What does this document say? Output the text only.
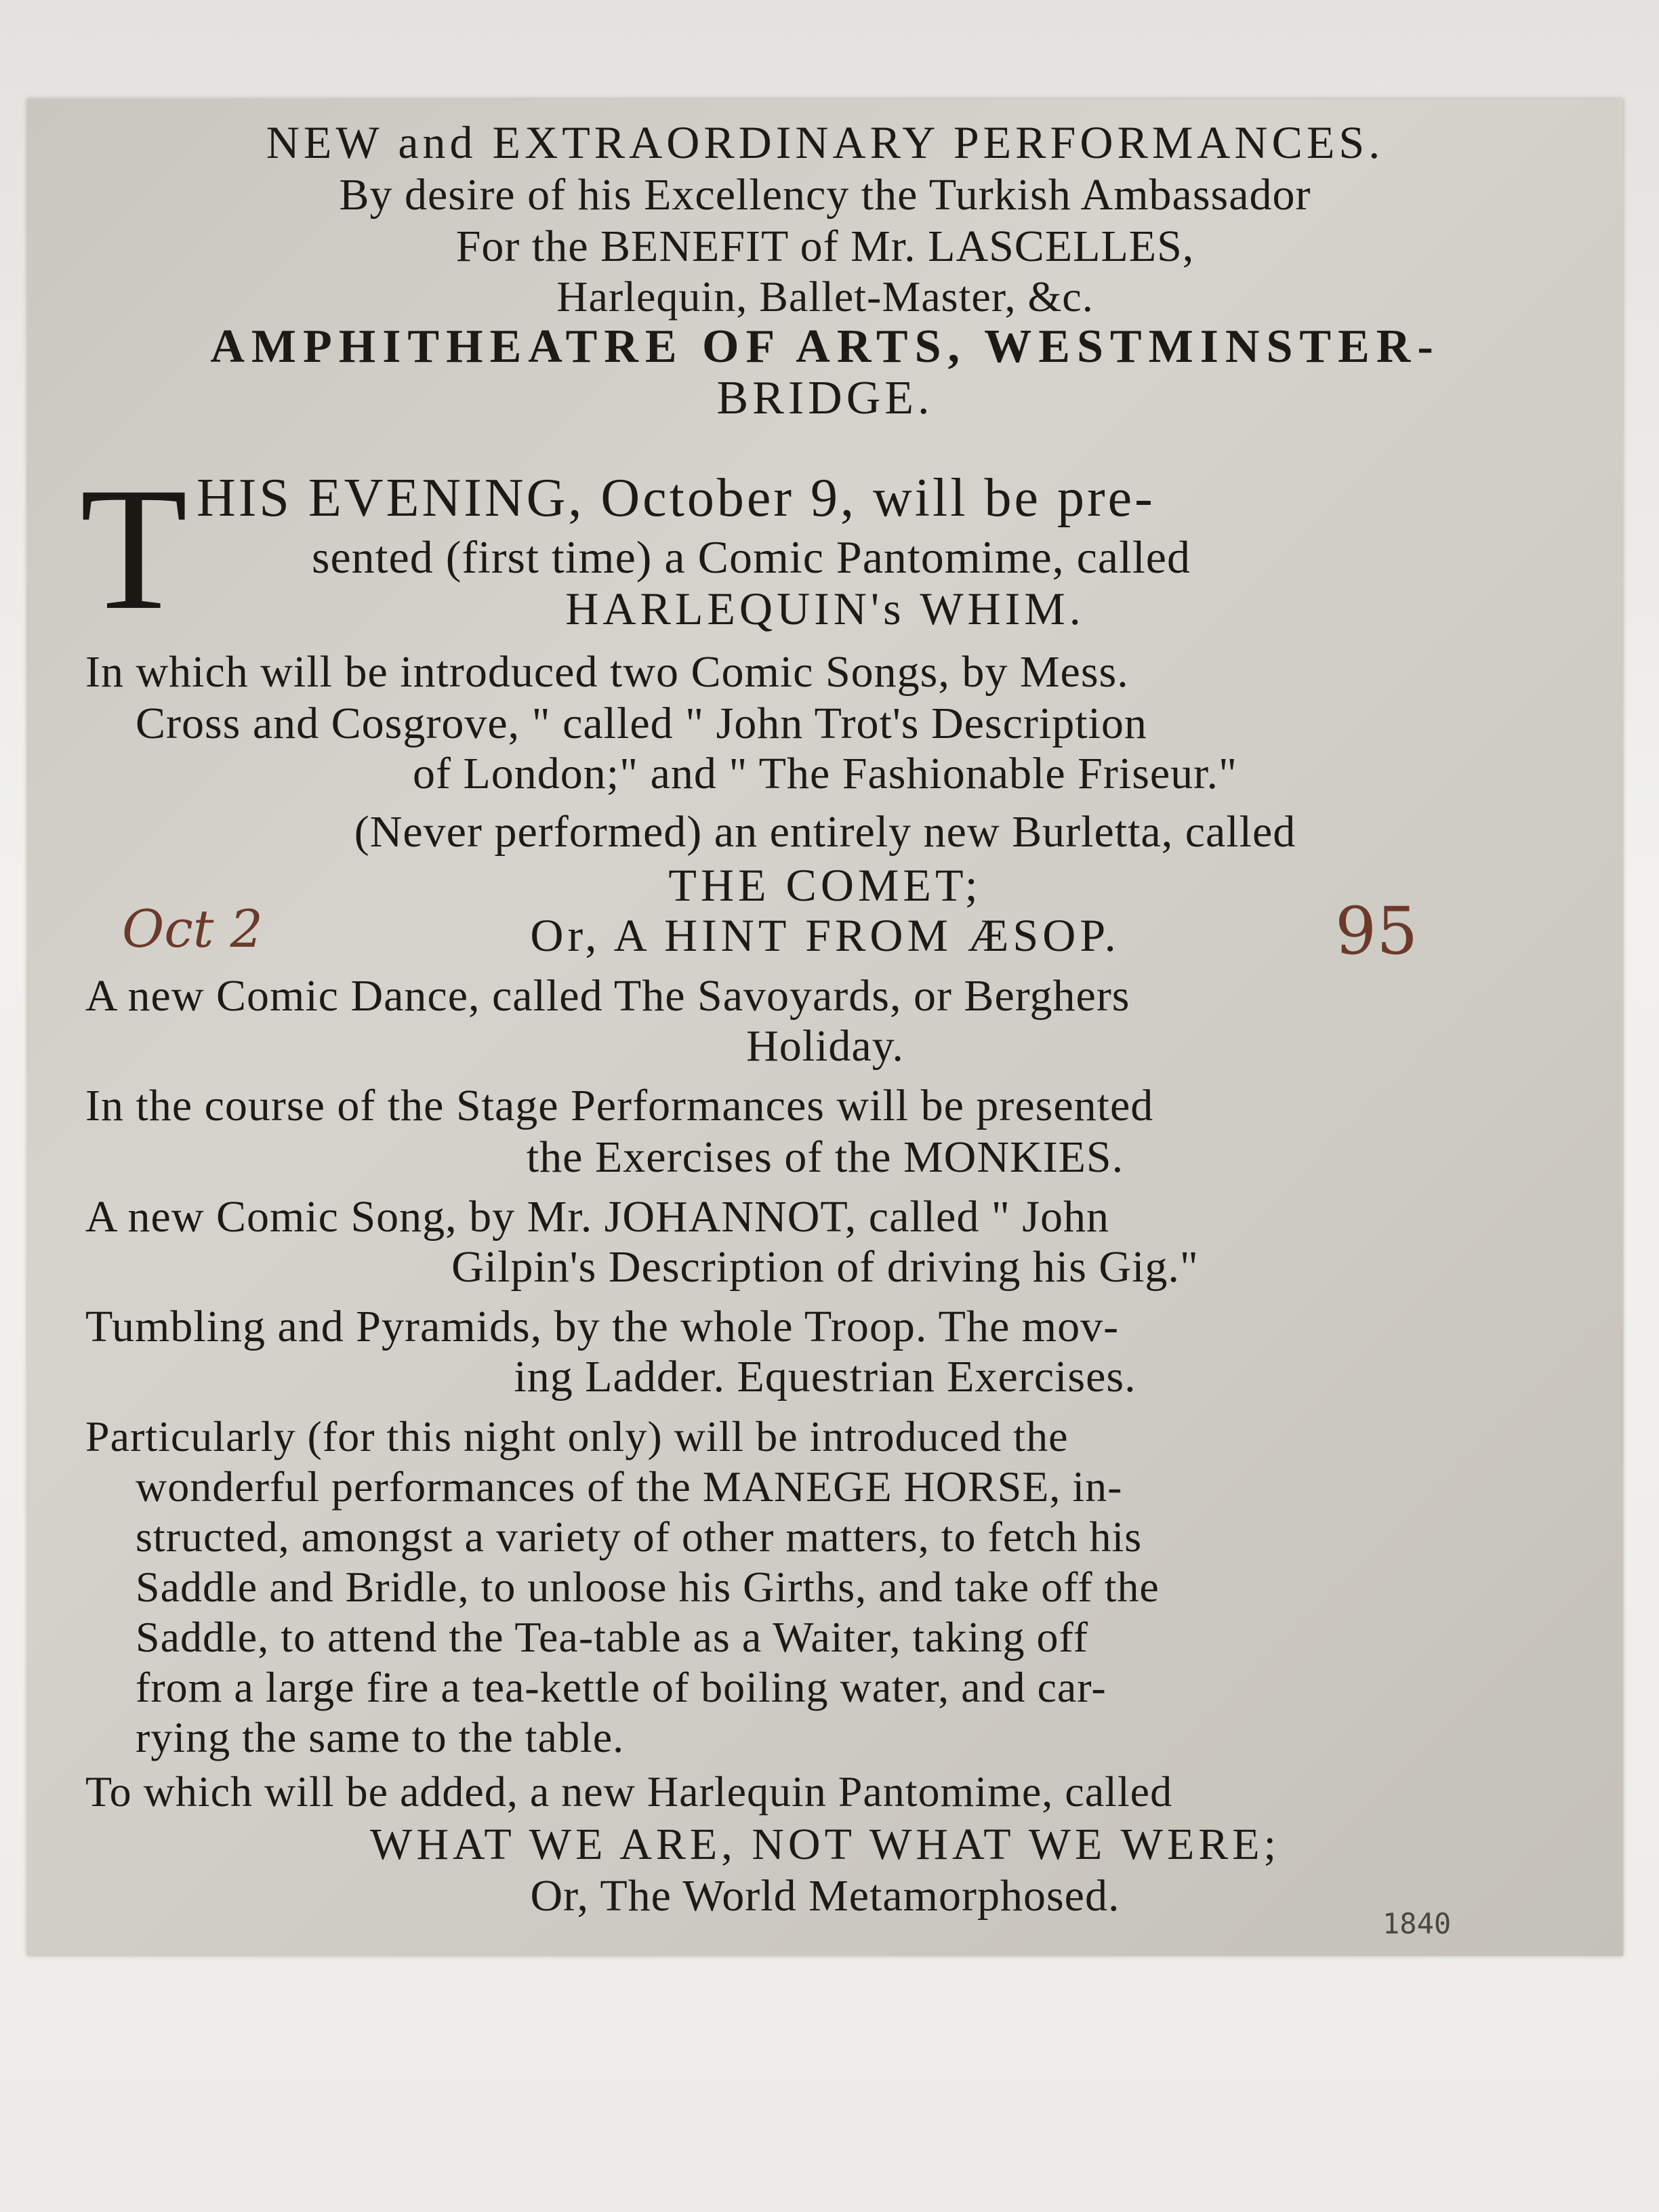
NEW and EXTRAORDINARY PERFORMANCES.
By desire of his Excellency the Turkish Ambassador
For the BENEFIT of Mr. LASCELLES,
Harlequin, Ballet-Master, &c.
AMPHITHEATRE OF ARTS, WESTMINSTER-
BRIDGE.
T HIS EVENING, October 9, will be pre-
sented (first time) a Comic Pantomime, called
HARLEQUIN's WHIM.
In which will be introduced two Comic Songs, by Mess.
Cross and Cosgrove, " called " John Trot's Description
of London;" and " The Fashionable Friseur."
(Never performed) an entirely new Burletta, called
THE COMET;
Or, A HINT FROM ÆSOP.
A new Comic Dance, called The Savoyards, or Berghers
Holiday.
In the course of the Stage Performances will be presented
the Exercises of the MONKIES.
A new Comic Song, by Mr. JOHANNOT, called " John
Gilpin's Description of driving his Gig."
Tumbling and Pyramids, by the whole Troop. The mov-
ing Ladder. Equestrian Exercises.
Particularly (for this night only) will be introduced the
wonderful performances of the MANEGE HORSE, in-
structed, amongst a variety of other matters, to fetch his
Saddle and Bridle, to unloose his Girths, and take off the
Saddle, to attend the Tea-table as a Waiter, taking off
from a large fire a tea-kettle of boiling water, and car-
rying the same to the table.
To which will be added, a new Harlequin Pantomime, called
WHAT WE ARE, NOT WHAT WE WERE;
Or, The World Metamorphosed.
Oct 2	95
1840
